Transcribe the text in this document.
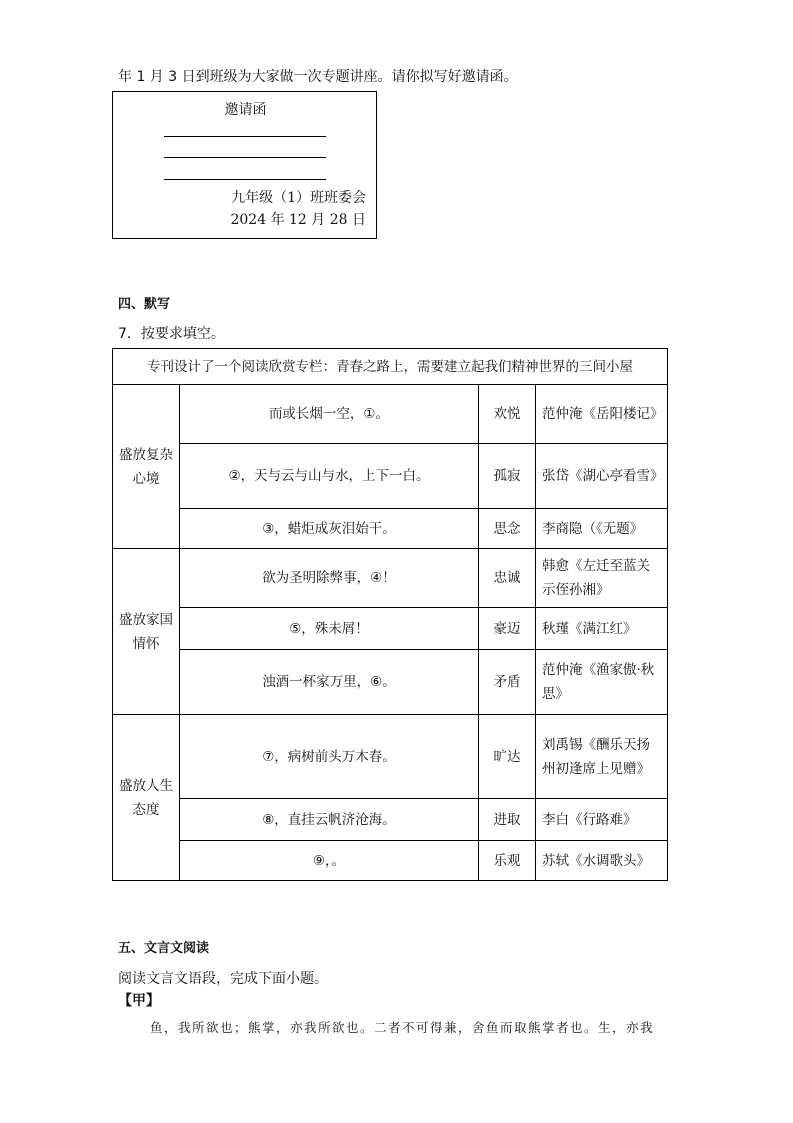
年 1 月 3 日到班级为大家做一次专题讲座。请你拟写好邀请函。
邀请函
九年级（1）班班委会
2024 年 12 月 28 日
四、默写
7．按要求填空。
专刊设计了一个阅读欣赏专栏：青春之路上，需要建立起我们精神世界的三间小屋			
盛放复杂心境	而或长烟一空，①。	欢悦	范仲淹《岳阳楼记》
	②，天与云与山与水，上下一白。	孤寂	张岱《湖心亭看雪》
	③，蜡炬成灰泪始干。	思念	李商隐（《无题》
盛放家国情怀	欲为圣明除弊事，④！	忠诚	韩愈《左迁至蓝关示侄孙湘》
	⑤，殊未屑！	豪迈	秋瑾《满江红》
	浊酒一杯家万里，⑥。	矛盾	范仲淹《渔家傲·秋思》
盛放人生态度	⑦，病树前头万木春。	旷达	刘禹锡《酬乐天扬州初逢席上见赠》
	⑧，直挂云帆济沧海。	进取	李白《行路难》
	⑨，。	乐观	苏轼《水调歌头》
五、文言文阅读
阅读文言文语段，完成下面小题。
【甲】
鱼，我所欲也；熊掌，亦我所欲也。二者不可得兼，舍鱼而取熊掌者也。生，亦我
